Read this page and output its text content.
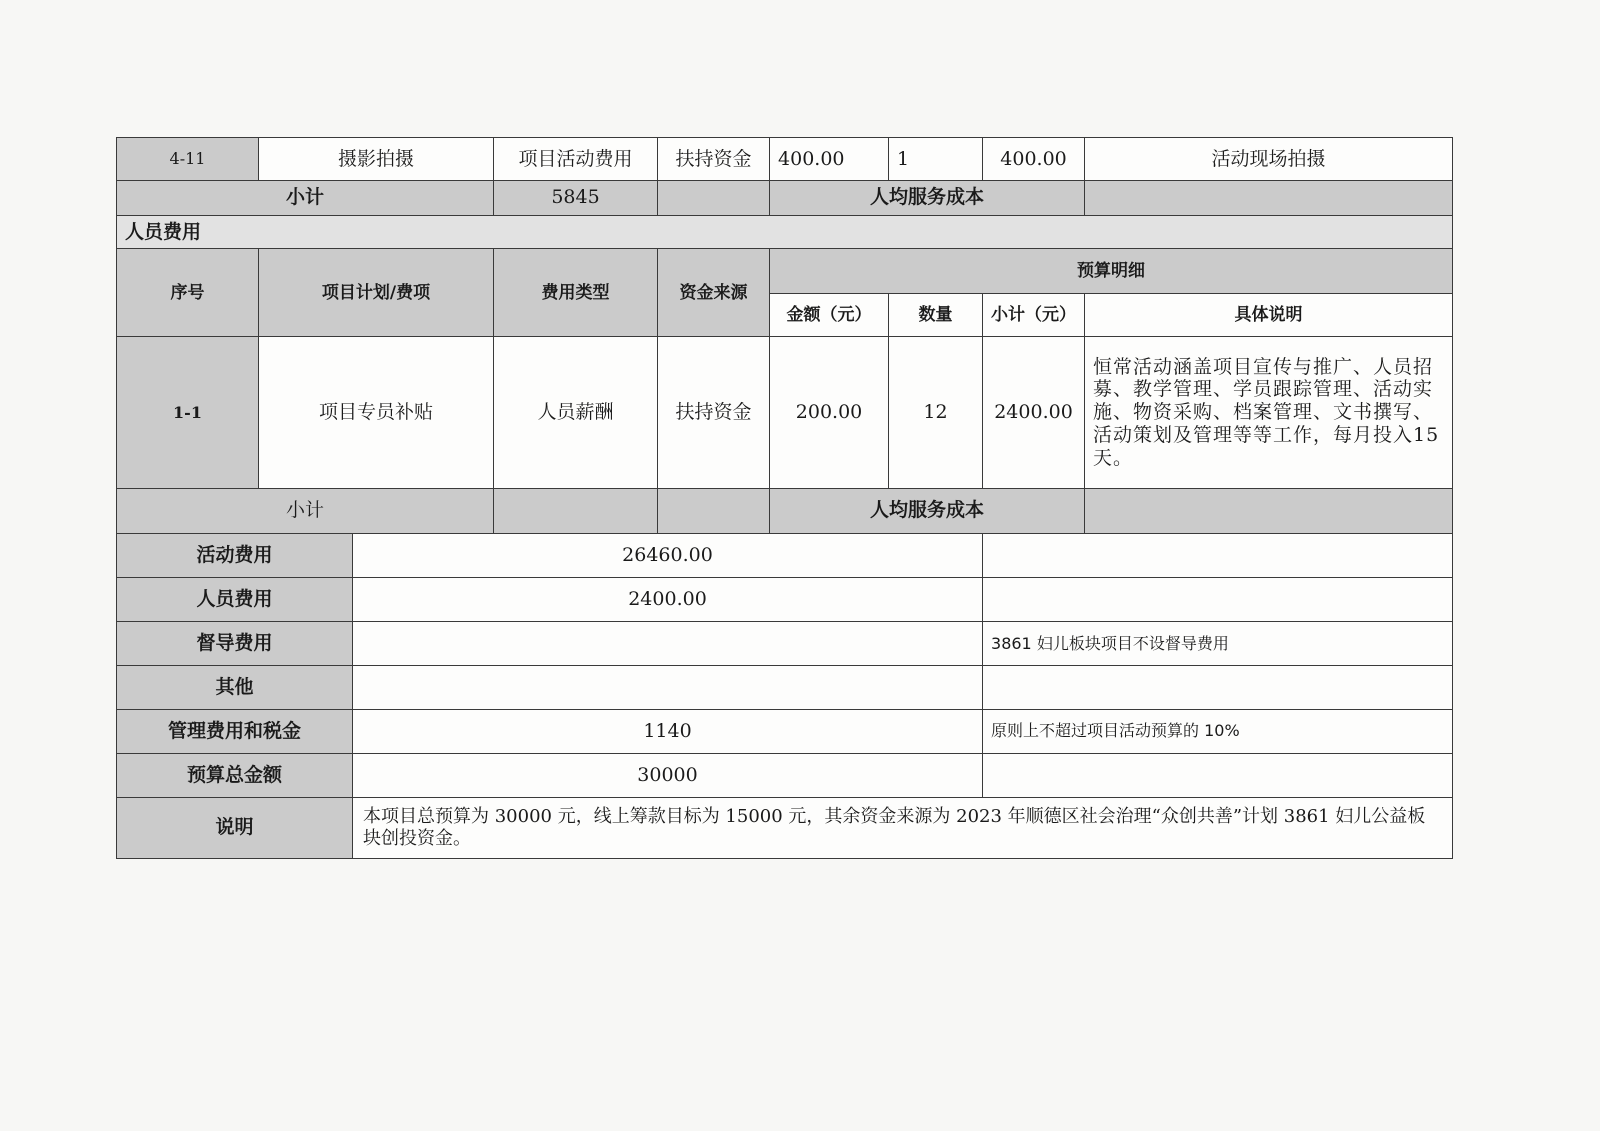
4-11	摄影拍摄		项目活动费用	扶持资金	400.00	1	400.00	活动现场拍摄
小计			5845		人均服务成本			
人员费用								
序号	项目计划/费项		费用类型	资金来源	预算明细			
					金额（元）	数量	小计（元）	具体说明
1-1	项目专员补贴		人员薪酬	扶持资金	200.00	12	2400.00	恒常活动涵盖项目宣传与推广、人员招募、教学管理、学员跟踪管理、活动实施、物资采购、档案管理、文书撰写、活动策划及管理等等工作，每月投入15天。
小计					人均服务成本			
活动费用		26460.00						
人员费用		2400.00						
督导费用							3861 妇儿板块项目不设督导费用	
其他								
管理费用和税金		1140					原则上不超过项目活动预算的 10%	
预算总金额		30000						
说明		本项目总预算为 30000 元，线上筹款目标为 15000 元，其余资金来源为 2023 年顺德区社会治理“众创共善”计划 3861 妇儿公益板块创投资金。						
